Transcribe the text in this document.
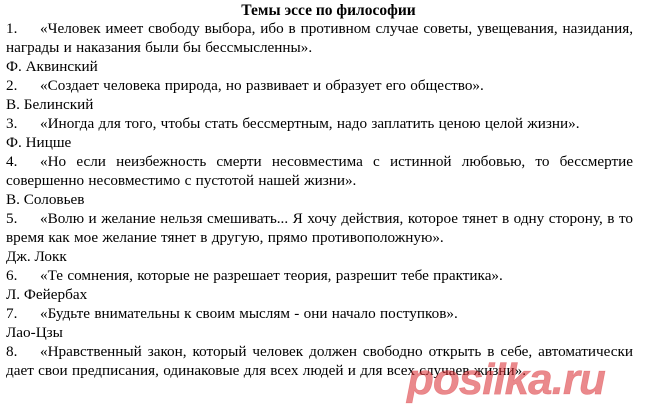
Темы эссе по философии
1. «Человек имеет свободу выбора, ибо в противном случае советы, увещевания, назидания, награды и наказания были бы бессмысленны».
Ф. Аквинский
2. «Создает человека природа, но развивает и образует его общество».
В. Белинский
3. «Иногда для того, чтобы стать бессмертным, надо заплатить ценою целой жизни».
Ф. Ницше
4. «Но если неизбежность смерти несовместима с истинной любовью, то бессмертие совершенно несовместимо с пустотой нашей жизни».
В. Соловьев
5. «Волю и желание нельзя смешивать... Я хочу действия, которое тянет в одну сторону, в то время как мое желание тянет в другую, прямо противоположную».
Дж. Локк
6. «Те сомнения, которые не разрешает теория, разрешит тебе практика».
Л. Фейербах
7. «Будьте внимательны к своим мыслям - они начало поступков».
Лао-Цзы
8. «Нравственный закон, который человек должен свободно открыть в себе, автоматически дает свои предписания, одинаковые для всех людей и для всех случаев жизни».
posilka.ru
